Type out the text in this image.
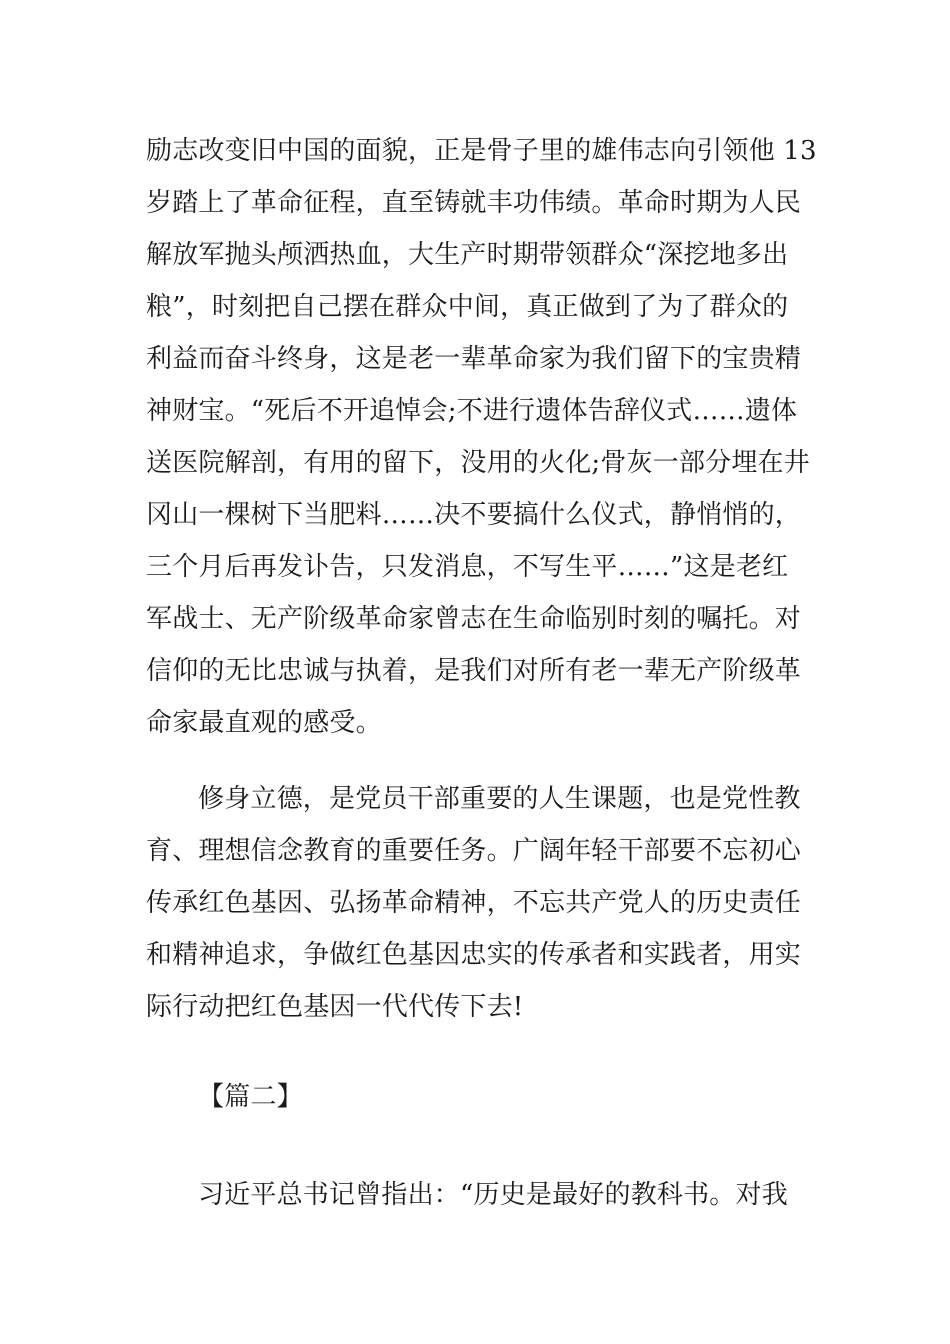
励志改变旧中国的面貌，正是骨子里的雄伟志向引领他 13
岁踏上了革命征程，直至铸就丰功伟绩。革命时期为人民
解放军抛头颅洒热血，大生产时期带领群众“深挖地多出
粮”，时刻把自己摆在群众中间，真正做到了为了群众的
利益而奋斗终身，这是老一辈革命家为我们留下的宝贵精
神财宝。“死后不开追悼会;不进行遗体告辞仪式……遗体
送医院解剖，有用的留下，没用的火化;骨灰一部分埋在井
冈山一棵树下当肥料……决不要搞什么仪式，静悄悄的，
三个月后再发讣告，只发消息，不写生平……”这是老红
军战士、无产阶级革命家曾志在生命临别时刻的嘱托。对
信仰的无比忠诚与执着，是我们对所有老一辈无产阶级革
命家最直观的感受。
修身立德，是党员干部重要的人生课题，也是党性教
育、理想信念教育的重要任务。广阔年轻干部要不忘初心
传承红色基因、弘扬革命精神，不忘共产党人的历史责任
和精神追求，争做红色基因忠实的传承者和实践者，用实
际行动把红色基因一代代传下去!
【篇二】
习近平总书记曾指出：“历史是最好的教科书。对我
